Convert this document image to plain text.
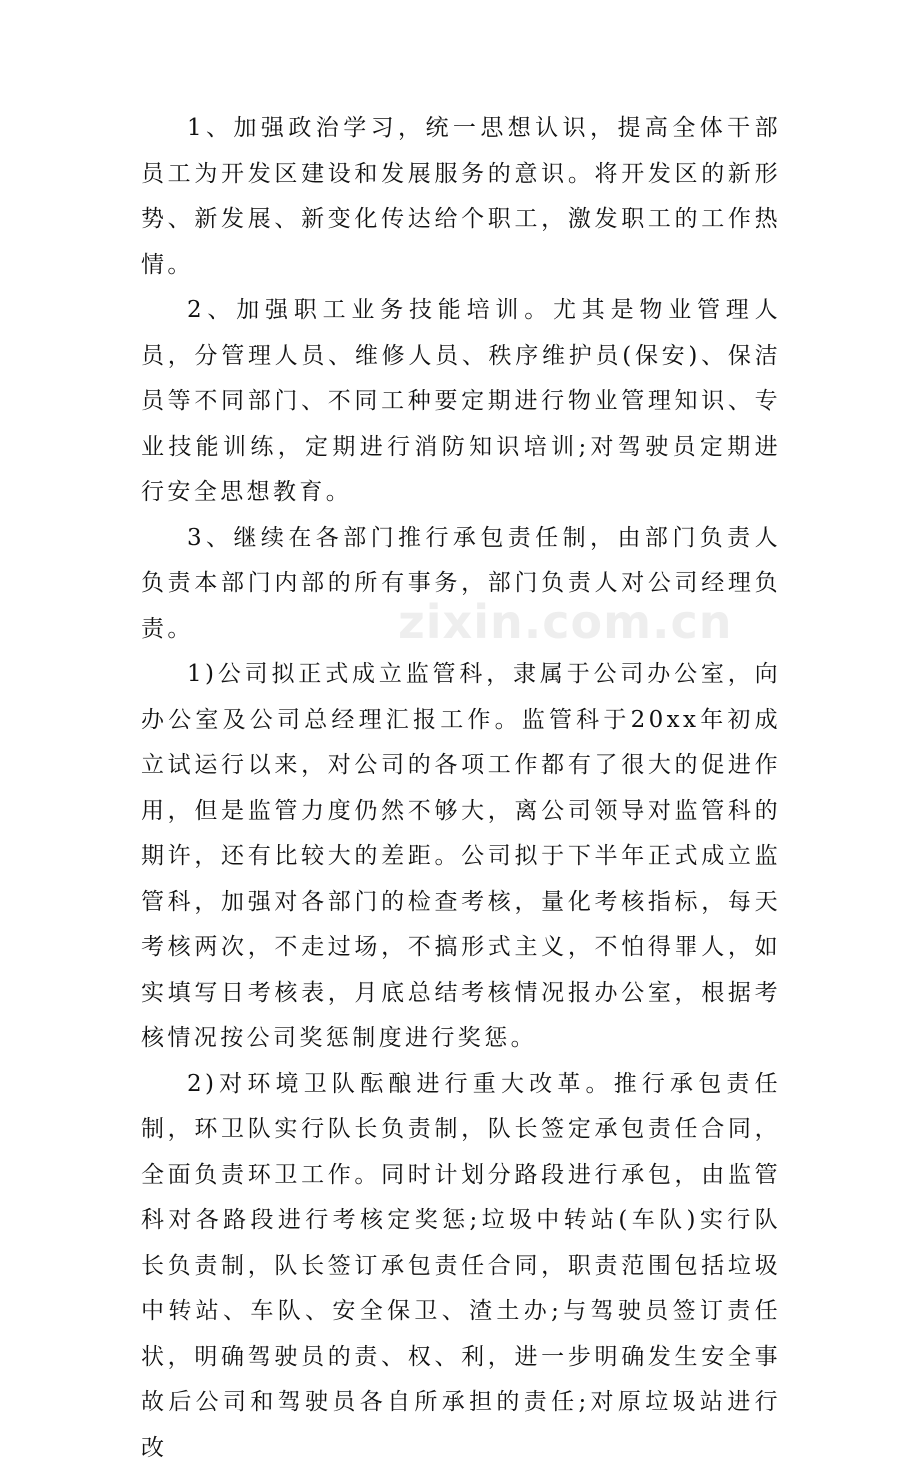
1、加强政治学习，统一思想认识，提高全体干部员工为开发区建设和发展服务的意识。将开发区的新形势、新发展、新变化传达给个职工，激发职工的工作热情。

2、加强职工业务技能培训。尤其是物业管理人员，分管理人员、维修人员、秩序维护员(保安)、保洁员等不同部门、不同工种要定期进行物业管理知识、专业技能训练，定期进行消防知识培训;对驾驶员定期进行安全思想教育。

3、继续在各部门推行承包责任制，由部门负责人负责本部门内部的所有事务，部门负责人对公司经理负责。

1)公司拟正式成立监管科，隶属于公司办公室，向办公室及公司总经理汇报工作。监管科于20xx年初成立试运行以来，对公司的各项工作都有了很大的促进作用，但是监管力度仍然不够大，离公司领导对监管科的期许，还有比较大的差距。公司拟于下半年正式成立监管科，加强对各部门的检查考核，量化考核指标，每天考核两次，不走过场，不搞形式主义，不怕得罪人，如实填写日考核表，月底总结考核情况报办公室，根据考核情况按公司奖惩制度进行奖惩。

2)对环境卫队酝酿进行重大改革。推行承包责任制，环卫队实行队长负责制，队长签定承包责任合同，全面负责环卫工作。同时计划分路段进行承包，由监管科对各路段进行考核定奖惩;垃圾中转站(车队)实行队长负责制，队长签订承包责任合同，职责范围包括垃圾中转站、车队、安全保卫、渣土办;与驾驶员签订责任状，明确驾驶员的责、权、利，进一步明确发生安全事故后公司和驾驶员各自所承担的责任;对原垃圾站进行改

zixin.com.cn
